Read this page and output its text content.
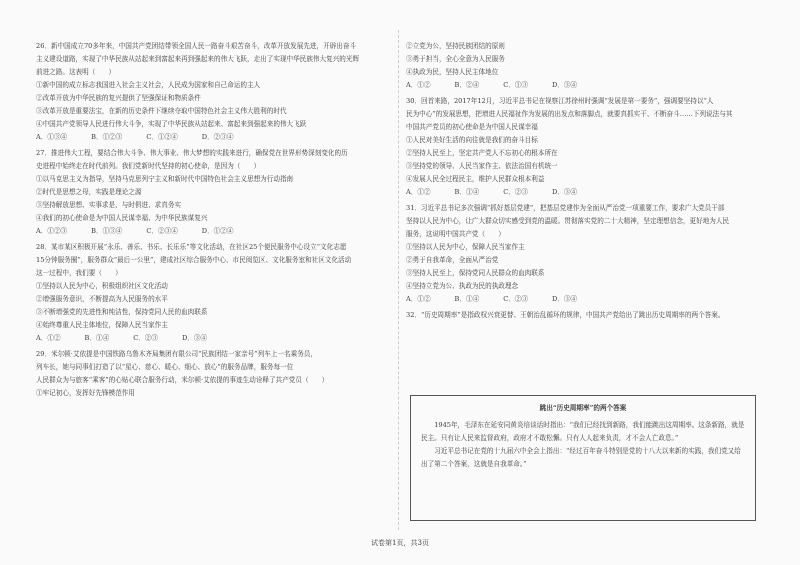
26．新中国成立70多年来，中国共产党团结带领全国人民一路奋斗艰苦奋斗，改革开放发展先进，开辟出奋斗
主义建设道路，实现了中华民族从站起来到富起来再到强起来的伟大飞跃，走出了实现中华民族伟大复兴的光辉
前进之路。这表明（　　）
①新中国的成立标志我国进入社会主义社会，人民成为国家和自己命运的主人
②改革开放为中华民族的复兴提供了坚强保证和物质条件
③改革开放是重要法宝，在新的历史条件下继续夺取中国特色社会主义伟大胜利的时代
④中国共产党领导人民进行伟大斗争，实现了中华民族从站起来、富起来到强起来的伟大飞跃
A．①③④	B．①②③	C．①②④	D．②③④
27．推进伟大工程，要结合伟大斗争、伟大事业、伟大梦想的实践来进行，确保党在世界形势深刻变化的历
史进程中始终走在时代前列。我们党新时代坚持的初心使命，是因为（　　）
①以马克思主义为指导，坚持马克思列宁主义和新时代中国特色社会主义思想为行动指南
②时代是思想之母，实践是理论之源
③坚持解放思想、实事求是、与时俱进、求真务实
④我们的初心使命是为中国人民谋幸福、为中华民族谋复兴
A．①②③	B．①③④	C．②③④	D．①②④
28．某市某区积极开展“永乐、善乐、书乐、长乐乐”等文化活动，在社区25个便民服务中心设立“文化志愿
15分钟服务圈”，服务群众“最后一公里”，建成社区综合服务中心、市民阅览区、文化服务室和社区文化活动
这一过程中，我们要（　　）
①坚持以人民为中心，积极组织社区文化活动
②增强服务意识，不断提高为人民服务的水平
③不断增强党的先进性和纯洁性，保持党同人民的血肉联系
④始终尊重人民主体地位，保障人民当家作主
A．①②	B．①④	C．②③	D．③④
29．米尔顿·艾依提是中国铁路乌鲁木齐局集团有限公司“民族团结一家亲号”列车上一名乘务员，
列车长，她与同事们打造了以“星心、慈心、暖心、细心、放心”的服务品牌，服务每一位
人民群众为与旅客“乘客”的心贴心联合服务行动，米尔顿·艾依提的事迹生动诠释了共产党员（　　）
①牢记初心，发挥好先锋模范作用
②立党为公，坚持民族团结的原则
③勇于担当，全心全意为人民服务
④执政为民，坚持人民主体地位
A．①②	B．②④	C．①③	D．③④
30．回首来路，2017年12月，习近平总书记在视察江苏徐州时强调“发展是第一要务”，强调要坚持以“人
民为中心”的发展思想，把增进人民福祉作为发展的出发点和落脚点，就要真抓实干、不断奋斗……下列说法与其
中国共产党员的初心使命是为中国人民谋幸福
①人民对美好生活的向往就是我们的奋斗目标
②坚持人民至上，坚定共产党人不忘初心的根本所在
③坚持党的领导、人民当家作主、依法治国有机统一
④发展人民全过程民主，维护人民群众根本利益
A．①②	B．①④	C．②③	D．③④
31．习近平总书记多次强调“抓好基层党建”，把基层党建作为全面从严治党一项重要工作，要求广大党员干部
坚持以人民为中心，让广大群众切实感受到党的温暖。贯彻落实党的二十大精神，坚定理想信念，更好地为人民
服务，这说明中国共产党（　　）
①坚持以人民为中心，保障人民当家作主
②勇于自我革命，全面从严治党
③坚持人民至上，保持党同人民群众的血肉联系
④坚持立党为公、执政为民的执政理念
A．①②	B．①④	C．②③	D．③④
32．“历史周期率”是指政权兴衰更替、王朝治乱循环的规律，中国共产党给出了跳出历史周期率的两个答案。
跳出“历史周期率”的两个答案
1945年，毛泽东在延安同黄炎培谈话时指出：“我们已经找到新路，我们能跳出这周期率。这条新路，就是民主。只有让人民来监督政府，政府才不敢松懈。只有人人起来负责，才不会人亡政息。”
习近平总书记在党的十九届六中全会上指出：“经过百年奋斗特别是党的十八大以来新的实践，我们党又给出了第二个答案，这就是自我革命。”
试卷第1页，共3页
